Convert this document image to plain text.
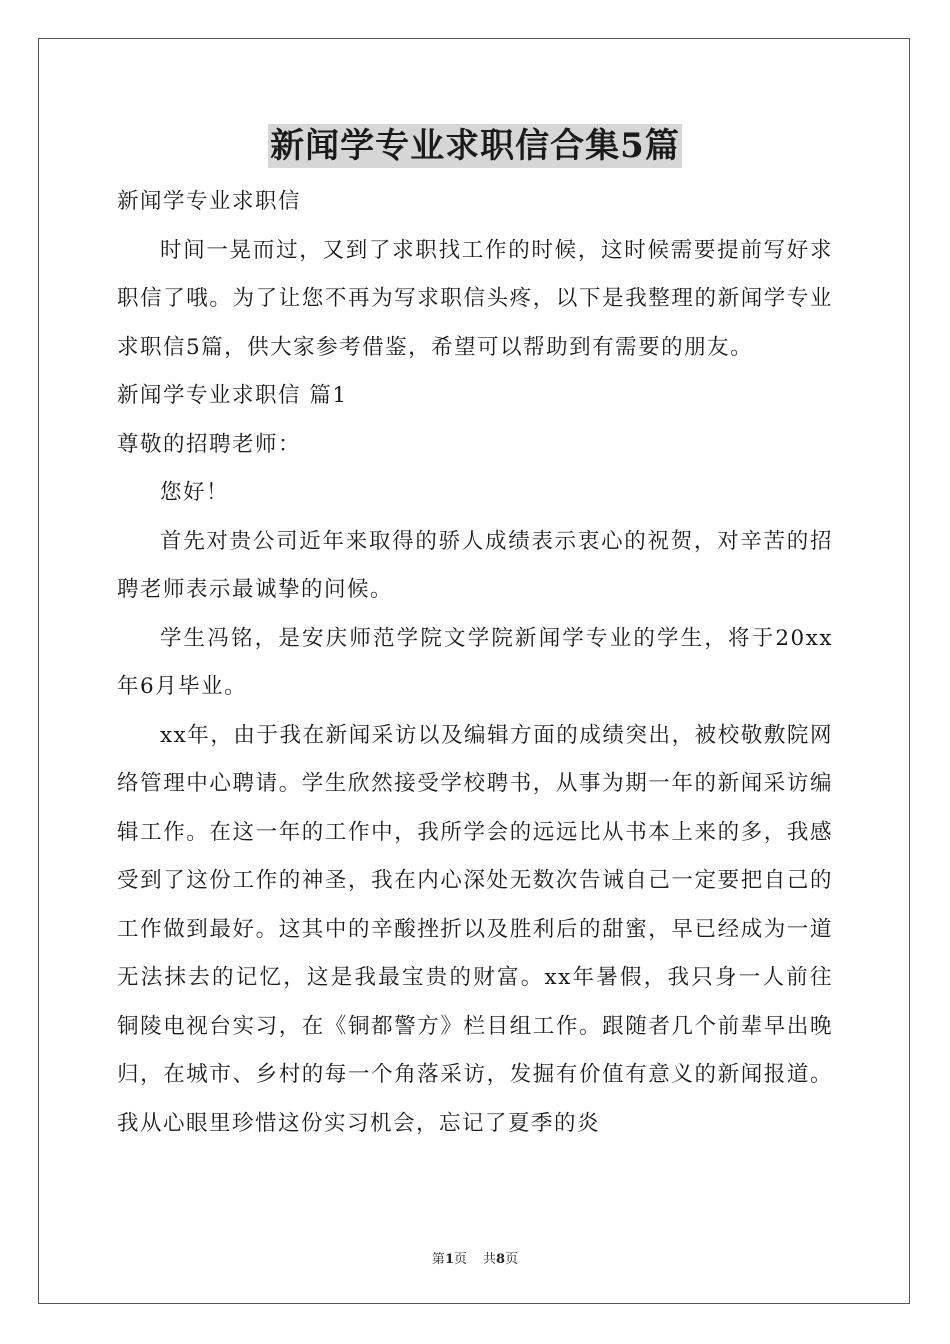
新闻学专业求职信合集5篇

新闻学专业求职信

时间一晃而过，又到了求职找工作的时候，这时候需要提前写好求职信了哦。为了让您不再为写求职信头疼，以下是我整理的新闻学专业求职信5篇，供大家参考借鉴，希望可以帮助到有需要的朋友。

新闻学专业求职信 篇1

尊敬的招聘老师：

您好！

首先对贵公司近年来取得的骄人成绩表示衷心的祝贺，对辛苦的招聘老师表示最诚挚的问候。

学生冯铭，是安庆师范学院文学院新闻学专业的学生，将于20xx年6月毕业。

xx年，由于我在新闻采访以及编辑方面的成绩突出，被校敬敷院网络管理中心聘请。学生欣然接受学校聘书，从事为期一年的新闻采访编辑工作。在这一年的工作中，我所学会的远远比从书本上来的多，我感受到了这份工作的神圣，我在内心深处无数次告诫自己一定要把自己的工作做到最好。这其中的辛酸挫折以及胜利后的甜蜜，早已经成为一道无法抹去的记忆，这是我最宝贵的财富。xx年暑假，我只身一人前往铜陵电视台实习，在《铜都警方》栏目组工作。跟随者几个前辈早出晚归，在城市、乡村的每一个角落采访，发掘有价值有意义的新闻报道。我从心眼里珍惜这份实习机会，忘记了夏季的炎

第1页 共8页
